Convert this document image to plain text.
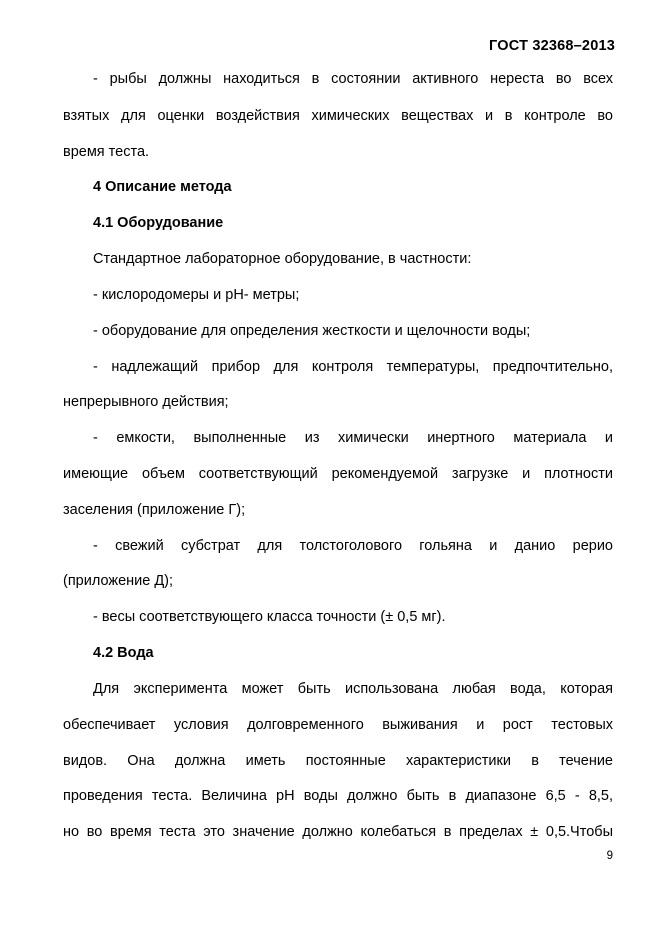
ГОСТ 32368–2013
- рыбы должны находиться в состоянии активного нереста во всех
взятых для оценки воздействия химических веществах и в контроле во
время теста.
4 Описание метода
4.1 Оборудование
Стандартное лабораторное оборудование, в частности:
- кислородомеры и pH- метры;
- оборудование для определения жесткости и щелочности воды;
- надлежащий прибор для контроля температуры, предпочтительно,
непрерывного действия;
- емкости, выполненные из химически инертного материала и
имеющие объем соответствующий рекомендуемой загрузке и плотности
заселения (приложение Г);
- свежий субстрат для толстоголового гольяна и данио рерио
(приложение Д);
- весы соответствующего класса точности (± 0,5 мг).
4.2 Вода
Для эксперимента может быть использована любая вода, которая
обеспечивает условия долговременного выживания и рост тестовых
видов. Она должна иметь постоянные характеристики в течение
проведения теста. Величина pH воды должно быть в диапазоне 6,5 - 8,5,
но во время теста это значение должно колебаться в пределах ± 0,5.Чтобы
9
